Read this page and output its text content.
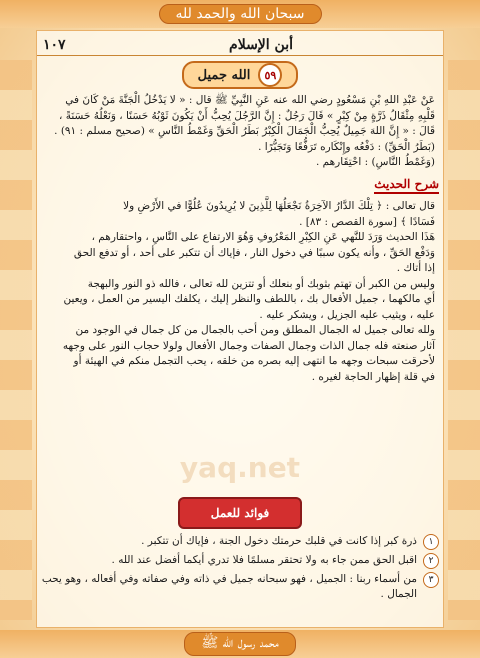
سبحان الله والحمد لله
١٠٧	أبن الإسلام
٥٩
الله جميل
عَنْ عَبْدِ اللهِ بْنِ مَسْعُودٍ رضي الله عنه عَنِ النَّبِيِّ ﷺ قال : « لا يَدْخُلُ الْجَنَّةَ مَنْ كَانَ في
قَلْبِهِ مِثْقَالُ ذَرَّةٍ مِنْ كِبْرٍ » قَالَ رَجُلٌ : إِنَّ الرَّجُلَ يُحِبُّ أَنْ يَكُونَ ثَوْبُهُ حَسَنًا ، وَنَعْلُهُ حَسَنَةً ،
قَالَ : « إِنَّ اللهَ جَمِيلٌ يُحِبُّ الْجَمَالَ الْكِبْرُ بَطَرُ الْحَقِّ وَغَمْطُ النَّاسِ » (صحيح مسلم : ٩١) .
(بَطَرُ الْحَقِّ) : دَفْعُه وإِنْكَاره تَرَفُّعًا وَتَجَبُّرًا .
(وَغَمْطُ النَّاسِ) : احْتِقَارهم .
شرح الحديث
قال تعالى : ﴿ تِلْكَ الدَّارُ الآخِرَةُ نَجْعَلُهَا لِلَّذِينَ لا يُرِيدُونَ عُلُوًّا في الأَرْضِ ولا
فَسَادًا ﴾ [سورة القصص : ٨٣] .
هَذَا الحديث وَرَدَ للنَّهي عَنِ الكِبْرِ المَعْرُوفِ وَهُوَ الارتفاع على النَّاسِ ، واحتقارهم ،
وَدَفْع الحَقِّ ، وأنه يكون سببًا في دخول النار ، فإياك أن تتكبر على أحد ، أو تدفع الحق
إذا أتاك .
وليس من الكبر أن تهتم بثوبك أو بنعلك أو تتزين لله تعالى ، فالله ذو النور والبهجة
أي مالكهما ، جميل الأفعال بك ، باللطف والنظر إليك ، يكلفك اليسير من العمل ، ويعين
عليه ، ويثيب عليه الجزيل ، ويشكر عليه .
ولله تعالى جميل له الجمال المطلق ومن أحب بالجمال من كل جمال في الوجود من
آثار صنعته فله جمال الذات وجمال الصفات وجمال الأفعال ولولا حجاب النور على وجهه
لأحرقت سبحات وجهه ما انتهى إليه بصره من خلقه ، يحب التجمل منكم في الهيئة أو
في قلة إظهار الحاجة لغيره .
yaq.net
فوائد للعمل
١
ذرة كبر إذا كانت في قلبك حرمتك دخول الجنة ، فإياك أن تتكبر .
٢
اقبل الحق ممن جاء به ولا تحتقر مسلمًا فلا تدري أيكما أفضل عند الله .
٣
من أسماء ربنا : الجميل ، فهو سبحانه جميل في ذاته وفي صفاته وفي أفعاله ، وهو يحب الجمال .
محمد رسول الله ﷺ
